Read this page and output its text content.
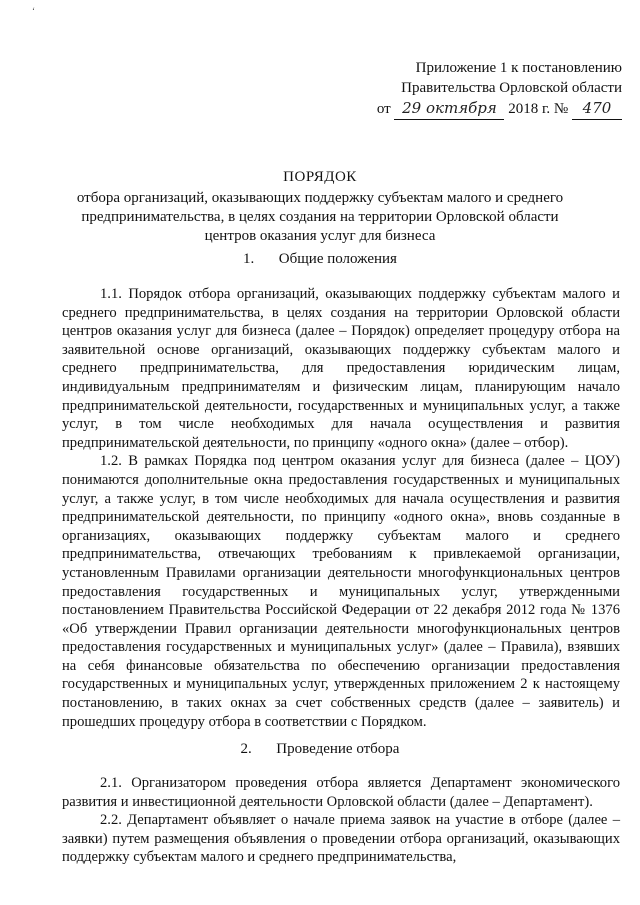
ʻ
Приложение 1 к постановлению
Правительства Орловской области
от 29 октября 2018 г. № 470
ПОРЯДОК
отбора организаций, оказывающих поддержку субъектам малого и среднего предпринимательства, в целях создания на территории Орловской области центров оказания услуг для бизнеса
1. Общие положения

1.1. Порядок отбора организаций, оказывающих поддержку субъектам малого и среднего предпринимательства, в целях создания на территории Орловской области центров оказания услуг для бизнеса (далее – Порядок) определяет процедуру отбора на заявительной основе организаций, оказывающих поддержку субъектам малого и среднего предпринимательства, для предоставления юридическим лицам, индивидуальным предпринимателям и физическим лицам, планирующим начало предпринимательской деятельности, государственных и муниципальных услуг, а также услуг, в том числе необходимых для начала осуществления и развития предпринимательской деятельности, по принципу «одного окна» (далее – отбор).

1.2. В рамках Порядка под центром оказания услуг для бизнеса (далее – ЦОУ) понимаются дополнительные окна предоставления государственных и муниципальных услуг, а также услуг, в том числе необходимых для начала осуществления и развития предпринимательской деятельности, по принципу «одного окна», вновь созданные в организациях, оказывающих поддержку субъектам малого и среднего предпринимательства, отвечающих требованиям к привлекаемой организации, установленным Правилами организации деятельности многофункциональных центров предоставления государственных и муниципальных услуг, утвержденными постановлением Правительства Российской Федерации от 22 декабря 2012 года № 1376 «Об утверждении Правил организации деятельности многофункциональных центров предоставления государственных и муниципальных услуг» (далее – Правила), взявших на себя финансовые обязательства по обеспечению организации предоставления государственных и муниципальных услуг, утвержденных приложением 2 к настоящему постановлению, в таких окнах за счет собственных средств (далее – заявитель) и прошедших процедуру отбора в соответствии с Порядком.

2. Проведение отбора

2.1. Организатором проведения отбора является Департамент экономического развития и инвестиционной деятельности Орловской области (далее – Департамент).

2.2. Департамент объявляет о начале приема заявок на участие в отборе (далее – заявки) путем размещения объявления о проведении отбора организаций, оказывающих поддержку субъектам малого и среднего предпринимательства,
